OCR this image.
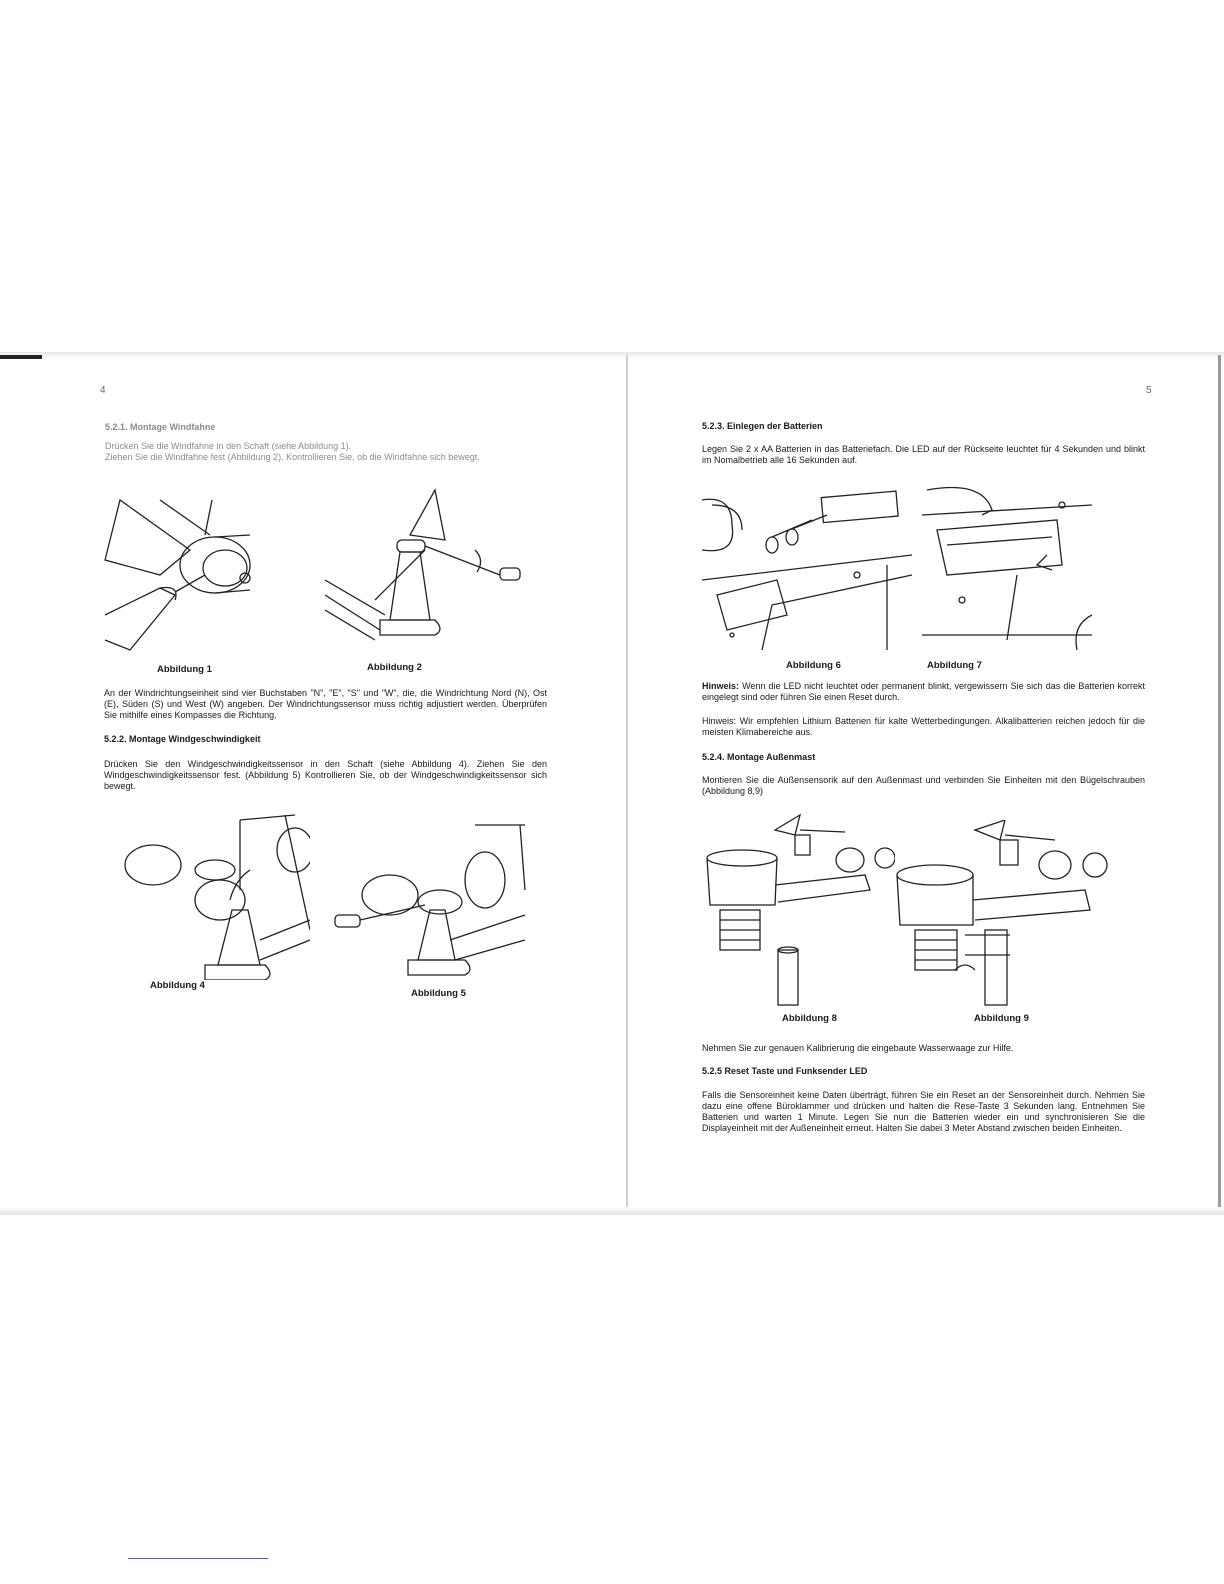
4
5.2.1. Montage Windfahne
Drücken Sie die Windfahne in den Schaft (siehe Abbildung 1).
Ziehen Sie die Windfahne fest (Abbildung 2). Kontrollieren Sie, ob die Windfahne sich bewegt.
Abbildung 1	Abbildung 2
An der Windrichtungseinheit sind vier Buchstaben "N", "E", "S" und "W", die, die Windrichtung Nord (N), Ost (E), Süden (S) und West (W) angeben. Der Windrichtungssensor muss richtig adjustiert werden. Überprüfen Sie mithilfe eines Kompasses die Richtung.
5.2.2. Montage Windgeschwindigkeit
Drücken Sie den Windgeschwindigkeitssensor in den Schaft (siehe Abbildung 4). Ziehen Sie den Windgeschwindigkeitssensor fest. (Abbildung 5) Kontrollieren Sie, ob der Windgeschwindigkeitssensor sich bewegt.
Abbildung 4
Abbildung 5
5
5.2.3. Einlegen der Batterien
Legen Sie 2 x AA Batterien in das Batteriefach. Die LED auf der Rückseite leuchtet für 4 Sekunden und blinkt im Nomalbetrieb alle 16 Sekunden auf.
Abbildung 6	Abbildung 7
Hinweis: Wenn die LED nicht leuchtet oder permanent blinkt, vergewissern Sie sich das die Batterien korrekt eingelegt sind oder führen Sie einen Reset durch.
Hinweis: Wir empfehlen Lithium Batterien für kalte Wetterbedingungen. Alkalibatterien reichen jedoch für die meisten Klimabereiche aus.
5.2.4. Montage Außenmast
Montieren Sie die Außensensorik auf den Außenmast und verbinden Sie Einheiten mit den Bügelschrauben (Abbildung 8,9)
Abbildung 8	Abbildung 9
Nehmen Sie zur genauen Kalibrierung die eingebaute Wasserwaage zur Hilfe.
5.2.5 Reset Taste und Funksender LED
Falls die Sensoreinheit keine Daten überträgt, führen Sie ein Reset an der Sensoreinheit durch. Nehmen Sie dazu eine offene Büroklammer und drücken und halten die Rese-Taste 3 Sekunden lang. Entnehmen Sie Batterien und warten 1 Minute. Legen Sie nun die Batterien wieder ein und synchronisieren Sie die Displayeinheit mit der Außeneinheit erneut. Halten Sie dabei 3 Meter Abstand zwischen beiden Einheiten.
